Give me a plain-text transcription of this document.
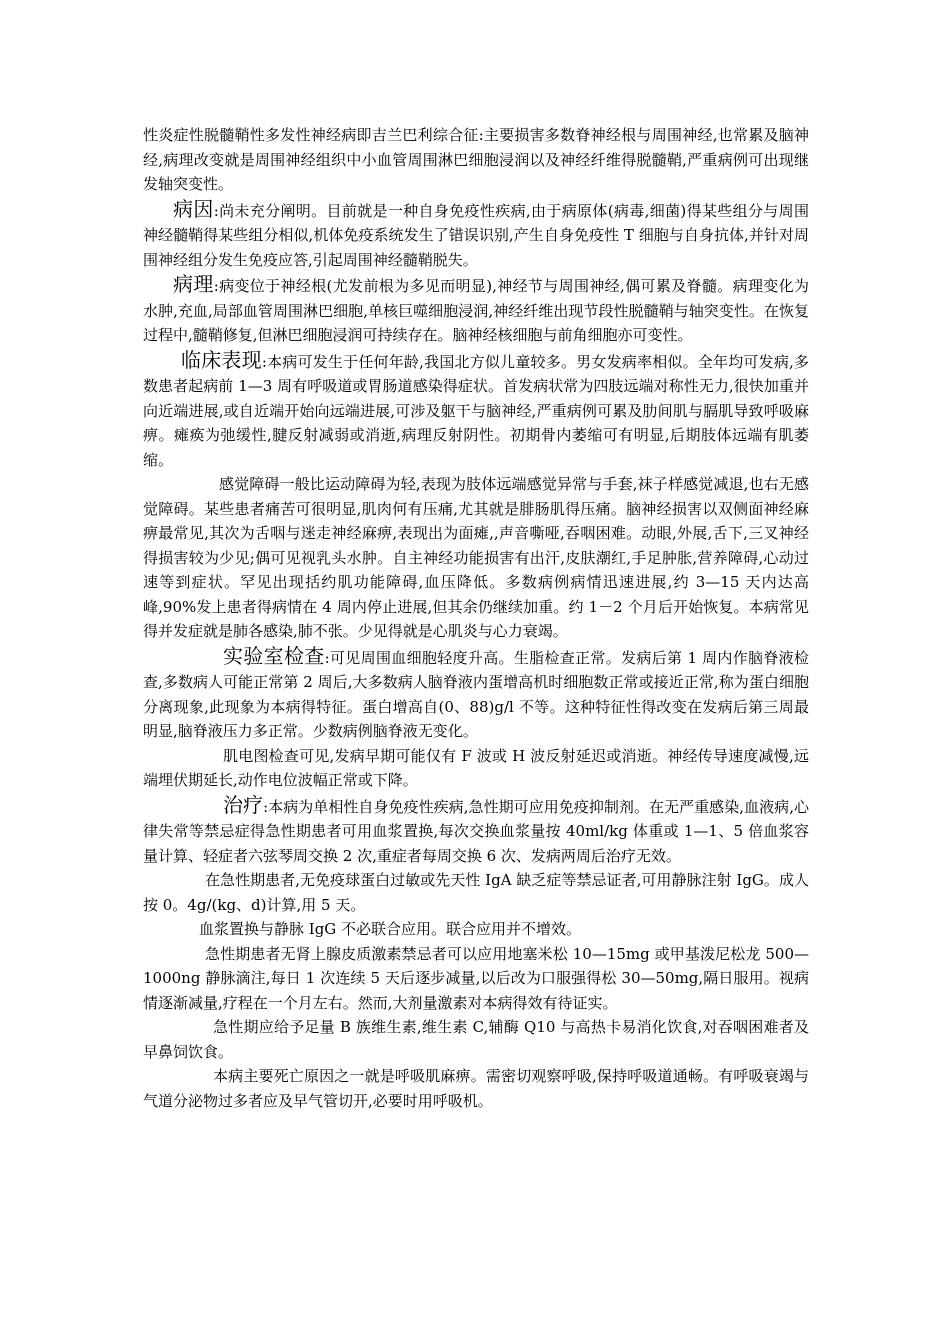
性炎症性脱髓鞘性多发性神经病即吉兰巴利综合征:主要损害多数脊神经根与周围神经,也常累及脑神经,病理改变就是周围神经组织中小血管周围淋巴细胞浸润以及神经纤维得脱髓鞘,严重病例可出现继发轴突变性。

病因:尚未充分阐明。目前就是一种自身免疫性疾病,由于病原体(病毒,细菌)得某些组分与周围神经髓鞘得某些组分相似,机体免疫系统发生了错误识别,产生自身免疫性 T 细胞与自身抗体,并针对周围神经组分发生免疫应答,引起周围神经髓鞘脱失。

病理:病变位于神经根(尤发前根为多见而明显),神经节与周围神经,偶可累及脊髓。病理变化为水肿,充血,局部血管周围淋巴细胞,单核巨噬细胞浸润,神经纤维出现节段性脱髓鞘与轴突变性。在恢复过程中,髓鞘修复,但淋巴细胞浸润可持续存在。脑神经核细胞与前角细胞亦可变性。

临床表现:本病可发生于任何年龄,我国北方似儿童较多。男女发病率相似。全年均可发病,多数患者起病前 1—3 周有呼吸道或胃肠道感染得症状。首发病状常为四肢远端对称性无力,很快加重并向近端进展,或自近端开始向远端进展,可涉及躯干与脑神经,严重病例可累及肋间肌与膈肌导致呼吸麻痹。瘫痪为弛缓性,腱反射减弱或消逝,病理反射阴性。初期骨内萎缩可有明显,后期肢体远端有肌萎缩。

感觉障碍一般比运动障碍为轻,表现为肢体远端感觉异常与手套,袜子样感觉减退,也右无感觉障碍。某些患者痛苦可很明显,肌肉何有压痛,尤其就是腓肠肌得压痛。脑神经损害以双侧面神经麻痹最常见,其次为舌咽与迷走神经麻痹,表现出为面瘫,,声音嘶哑,吞咽困难。动眼,外展,舌下,三叉神经得损害较为少见;偶可见视乳头水肿。自主神经功能损害有出汗,皮肤潮红,手足肿胀,营养障碍,心动过速等到症状。罕见出现括约肌功能障碍,血压降低。多数病例病情迅速进展,约 3—15 天内达高峰,90%发上患者得病情在 4 周内停止进展,但其余仍继续加重。约 1－2 个月后开始恢复。本病常见得并发症就是肺各感染,肺不张。少见得就是心肌炎与心力衰竭。

实验室检查:可见周围血细胞轻度升高。生脂检查正常。发病后第 1 周内作脑脊液检查,多数病人可能正常第 2 周后,大多数病人脑脊液内蛋增高机时细胞数正常或接近正常,称为蛋白细胞分离现象,此现象为本病得特征。蛋白增高自(0、88)g/l 不等。这种特征性得改变在发病后第三周最明显,脑脊液压力多正常。少数病例脑脊液无变化。

肌电图检查可见,发病早期可能仅有 F 波或 H 波反射延迟或消逝。神经传导速度减慢,远端埋伏期延长,动作电位波幅正常或下降。

治疗:本病为单相性自身免疫性疾病,急性期可应用免疫抑制剂。在无严重感染,血液病,心律失常等禁忌症得急性期患者可用血浆置换,每次交换血浆量按 40ml/kg 体重或 1—1、5 倍血浆容量计算、轻症者六弦琴周交换 2 次,重症者每周交换 6 次、发病两周后治疗无效。

在急性期患者,无免疫球蛋白过敏或先天性 IgA 缺乏症等禁忌证者,可用静脉注射 IgG。成人按 0。4g/(kg、d)计算,用 5 天。

血浆置换与静脉 IgG 不必联合应用。联合应用并不增效。

急性期患者无肾上腺皮质激素禁忌者可以应用地塞米松 10—15mg 或甲基泼尼松龙 500—1000ng 静脉滴注,每日 1 次连续 5 天后逐步减量,以后改为口服强得松 30—50mg,隔日服用。视病情逐渐减量,疗程在一个月左右。然而,大剂量激素对本病得效有待证实。

急性期应给予足量 B 族维生素,维生素 C,辅酶 Q10 与高热卡易消化饮食,对吞咽困难者及早鼻饲饮食。

本病主要死亡原因之一就是呼吸肌麻痹。需密切观察呼吸,保持呼吸道通畅。有呼吸衰竭与气道分泌物过多者应及早气管切开,必要时用呼吸机。
